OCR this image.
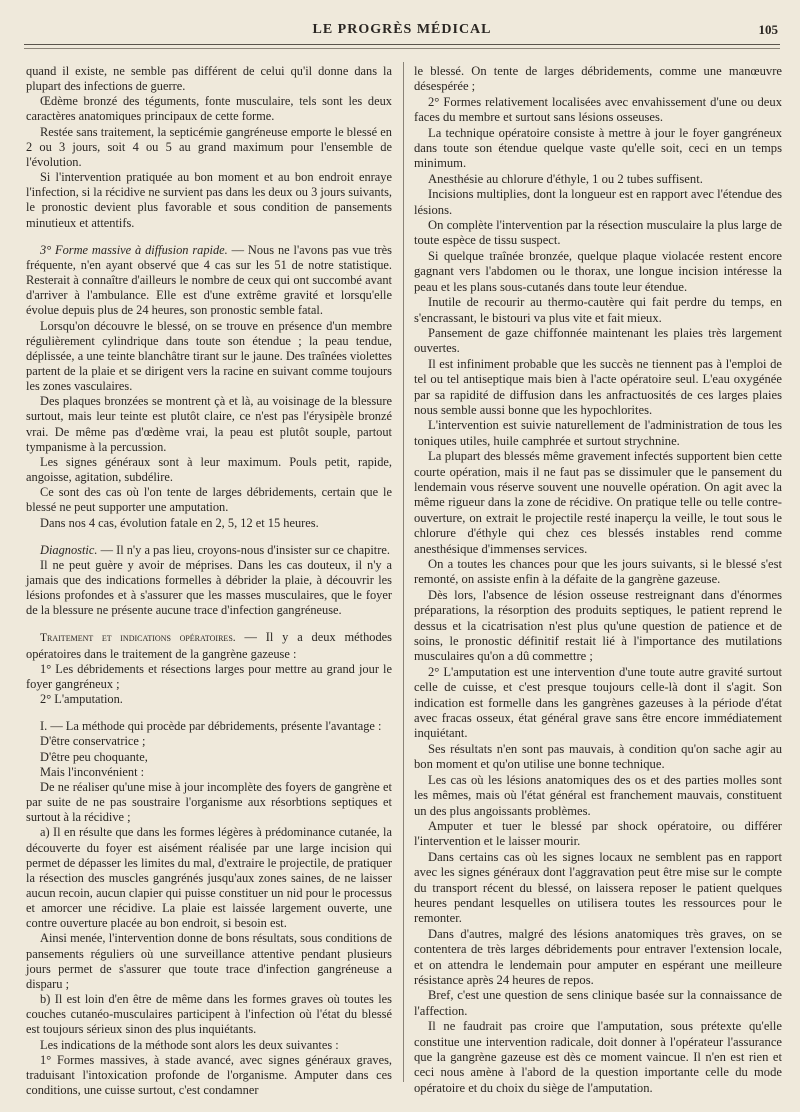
LE PROGRÈS MÉDICAL	105

quand il existe, ne semble pas différent de celui qu'il donne dans la plupart des infections de guerre.

Œdème bronzé des téguments, fonte musculaire, tels sont les deux caractères anatomiques principaux de cette forme.

Restée sans traitement, la septicémie gangréneuse emporte le blessé en 2 ou 3 jours, soit 4 ou 5 au grand maximum pour l'ensemble de l'évolution.

Si l'intervention pratiquée au bon moment et au bon endroit enraye l'infection, si la récidive ne survient pas dans les deux ou 3 jours suivants, le pronostic devient plus favorable et sous condition de pansements minutieux et attentifs.

3° Forme massive à diffusion rapide. — Nous ne l'avons pas vue très fréquente, n'en ayant observé que 4 cas sur les 51 de notre statistique. Resterait à connaître d'ailleurs le nombre de ceux qui ont succombé avant d'arriver à l'ambulance. Elle est d'une extrême gravité et lorsqu'elle évolue depuis plus de 24 heures, son pronostic semble fatal.

Lorsqu'on découvre le blessé, on se trouve en présence d'un membre régulièrement cylindrique dans toute son étendue ; la peau tendue, déplissée, a une teinte blanchâtre tirant sur le jaune. Des traînées violettes partent de la plaie et se dirigent vers la racine en suivant comme toujours les zones vasculaires.

Des plaques bronzées se montrent çà et là, au voisinage de la blessure surtout, mais leur teinte est plutôt claire, ce n'est pas l'érysipèle bronzé vrai. De même pas d'œdème vrai, la peau est plutôt souple, partout tympanisme à la percussion.

Les signes généraux sont à leur maximum. Pouls petit, rapide, angoisse, agitation, subdélire.

Ce sont des cas où l'on tente de larges débridements, certain que le blessé ne peut supporter une amputation.

Dans nos 4 cas, évolution fatale en 2, 5, 12 et 15 heures.

Diagnostic. — Il n'y a pas lieu, croyons-nous d'insister sur ce chapitre.

Il ne peut guère y avoir de méprises. Dans les cas douteux, il n'y a jamais que des indications formelles à débrider la plaie, à découvrir les lésions profondes et à s'assurer que les masses musculaires, que le foyer de la blessure ne présente aucune trace d'infection gangréneuse.

Traitement et indications opératoires. — Il y a deux méthodes opératoires dans le traitement de la gangrène gazeuse :

1° Les débridements et résections larges pour mettre au grand jour le foyer gangréneux ;

2° L'amputation.

I. — La méthode qui procède par débridements, présente l'avantage :

D'être conservatrice ;

D'être peu choquante,

Mais l'inconvénient :

De ne réaliser qu'une mise à jour incomplète des foyers de gangrène et par suite de ne pas soustraire l'organisme aux résorbtions septiques et surtout à la récidive ;

a) Il en résulte que dans les formes légères à prédominance cutanée, la découverte du foyer est aisément réalisée par une large incision qui permet de dépasser les limites du mal, d'extraire le projectile, de pratiquer la résection des muscles gangrénés jusqu'aux zones saines, de ne laisser aucun recoin, aucun clapier qui puisse constituer un nid pour le processus et amorcer une récidive. La plaie est laissée largement ouverte, une contre ouverture placée au bon endroit, si besoin est.

Ainsi menée, l'intervention donne de bons résultats, sous conditions de pansements réguliers où une surveillance attentive pendant plusieurs jours permet de s'assurer que toute trace d'infection gangréneuse a disparu ;

b) Il est loin d'en être de même dans les formes graves où toutes les couches cutanéo-musculaires participent à l'infection où l'état du blessé est toujours sérieux sinon des plus inquiétants.

Les indications de la méthode sont alors les deux suivantes :

1° Formes massives, à stade avancé, avec signes généraux graves, traduisant l'intoxication profonde de l'organisme. Amputer dans ces conditions, une cuisse surtout, c'est condamner

le blessé. On tente de larges débridements, comme une manœuvre désespérée ;

2° Formes relativement localisées avec envahissement d'une ou deux faces du membre et surtout sans lésions osseuses.

La technique opératoire consiste à mettre à jour le foyer gangréneux dans toute son étendue quelque vaste qu'elle soit, ceci en un temps minimum.

Anesthésie au chlorure d'éthyle, 1 ou 2 tubes suffisent.

Incisions multiplies, dont la longueur est en rapport avec l'étendue des lésions.

On complète l'intervention par la résection musculaire la plus large de toute espèce de tissu suspect.

Si quelque traînée bronzée, quelque plaque violacée restent encore gagnant vers l'abdomen ou le thorax, une longue incision intéresse la peau et les plans sous-cutanés dans toute leur étendue.

Inutile de recourir au thermo-cautère qui fait perdre du temps, en s'encrassant, le bistouri va plus vite et fait mieux.

Pansement de gaze chiffonnée maintenant les plaies très largement ouvertes.

Il est infiniment probable que les succès ne tiennent pas à l'emploi de tel ou tel antiseptique mais bien à l'acte opératoire seul. L'eau oxygénée par sa rapidité de diffusion dans les anfractuosités de ces larges plaies nous semble aussi bonne que les hypochlorites.

L'intervention est suivie naturellement de l'administration de tous les toniques utiles, huile camphrée et surtout strychnine.

La plupart des blessés même gravement infectés supportent bien cette courte opération, mais il ne faut pas se dissimuler que le pansement du lendemain vous réserve souvent une nouvelle opération. On agit avec la même rigueur dans la zone de récidive. On pratique telle ou telle contre-ouverture, on extrait le projectile resté inaperçu la veille, le tout sous le chlorure d'éthyle qui chez ces blessés instables rend comme anesthésique d'immenses services.

On a toutes les chances pour que les jours suivants, si le blessé s'est remonté, on assiste enfin à la défaite de la gangrène gazeuse.

Dès lors, l'absence de lésion osseuse restreignant dans d'énormes préparations, la résorption des produits septiques, le patient reprend le dessus et la cicatrisation n'est plus qu'une question de patience et de soins, le pronostic définitif restait lié à l'importance des mutilations musculaires qu'on a dû commettre ;

2° L'amputation est une intervention d'une toute autre gravité surtout celle de cuisse, et c'est presque toujours celle-là dont il s'agit. Son indication est formelle dans les gangrènes gazeuses à la période d'état avec fracas osseux, état général grave sans être encore immédiatement inquiétant.

Ses résultats n'en sont pas mauvais, à condition qu'on sache agir au bon moment et qu'on utilise une bonne technique.

Les cas où les lésions anatomiques des os et des parties molles sont les mêmes, mais où l'état général est franchement mauvais, constituent un des plus angoissants problèmes.

Amputer et tuer le blessé par shock opératoire, ou différer l'intervention et le laisser mourir.

Dans certains cas où les signes locaux ne semblent pas en rapport avec les signes généraux dont l'aggravation peut être mise sur le compte du transport récent du blessé, on laissera reposer le patient quelques heures pendant lesquelles on utilisera toutes les ressources pour le remonter.

Dans d'autres, malgré des lésions anatomiques très graves, on se contentera de très larges débridements pour entraver l'extension locale, et on attendra le lendemain pour amputer en espérant une meilleure résistance après 24 heures de repos.

Bref, c'est une question de sens clinique basée sur la connaissance de l'affection.

Il ne faudrait pas croire que l'amputation, sous prétexte qu'elle constitue une intervention radicale, doit donner à l'opérateur l'assurance que la gangrène gazeuse est dès ce moment vaincue. Il n'en est rien et ceci nous amène à l'abord de la question importante celle du mode opératoire et du choix du siège de l'amputation.
